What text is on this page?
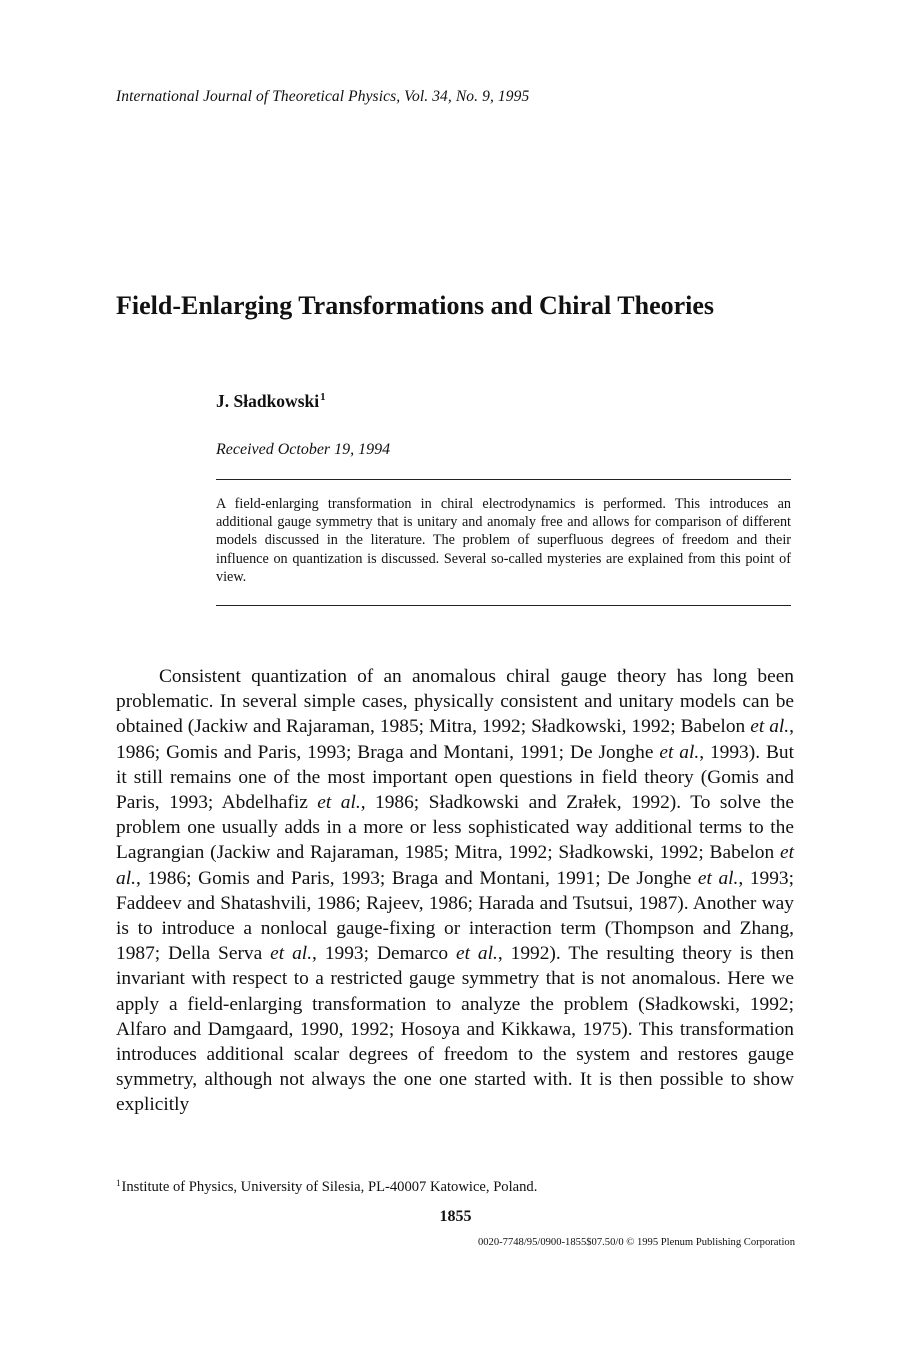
International Journal of Theoretical Physics, Vol. 34, No. 9, 1995
Field-Enlarging Transformations and Chiral Theories
J. Sładkowski$^1$
Received October 19, 1994

A field-enlarging transformation in chiral electrodynamics is performed. This introduces an additional gauge symmetry that is unitary and anomaly free and allows for comparison of different models discussed in the literature. The problem of superfluous degrees of freedom and their influence on quantization is discussed. Several so-called mysteries are explained from this point of view.

Consistent quantization of an anomalous chiral gauge theory has long been problematic. In several simple cases, physically consistent and unitary models can be obtained (Jackiw and Rajaraman, 1985; Mitra, 1992; Sładkowski, 1992; Babelon et al., 1986; Gomis and Paris, 1993; Braga and Montani, 1991; De Jonghe et al., 1993). But it still remains one of the most important open questions in field theory (Gomis and Paris, 1993; Abdelhafiz et al., 1986; Sładkowski and Zrałek, 1992). To solve the problem one usually adds in a more or less sophisticated way additional terms to the Lagrangian (Jackiw and Rajaraman, 1985; Mitra, 1992; Sładkowski, 1992; Babelon et al., 1986; Gomis and Paris, 1993; Braga and Montani, 1991; De Jonghe et al., 1993; Faddeev and Shatashvili, 1986; Rajeev, 1986; Harada and Tsutsui, 1987). Another way is to introduce a nonlocal gauge-fixing or interaction term (Thompson and Zhang, 1987; Della Serva et al., 1993; Demarco et al., 1992). The resulting theory is then invariant with respect to a restricted gauge symmetry that is not anomalous. Here we apply a field-enlarging transformation to analyze the problem (Sładkowski, 1992; Alfaro and Damgaard, 1990, 1992; Hosoya and Kikkawa, 1975). This transformation introduces additional scalar degrees of freedom to the system and restores gauge symmetry, although not always the one one started with. It is then possible to show explicitly

$^1$Institute of Physics, University of Silesia, PL-40007 Katowice, Poland.
1855
0020-7748/95/0900-1855$07.50/0 © 1995 Plenum Publishing Corporation
